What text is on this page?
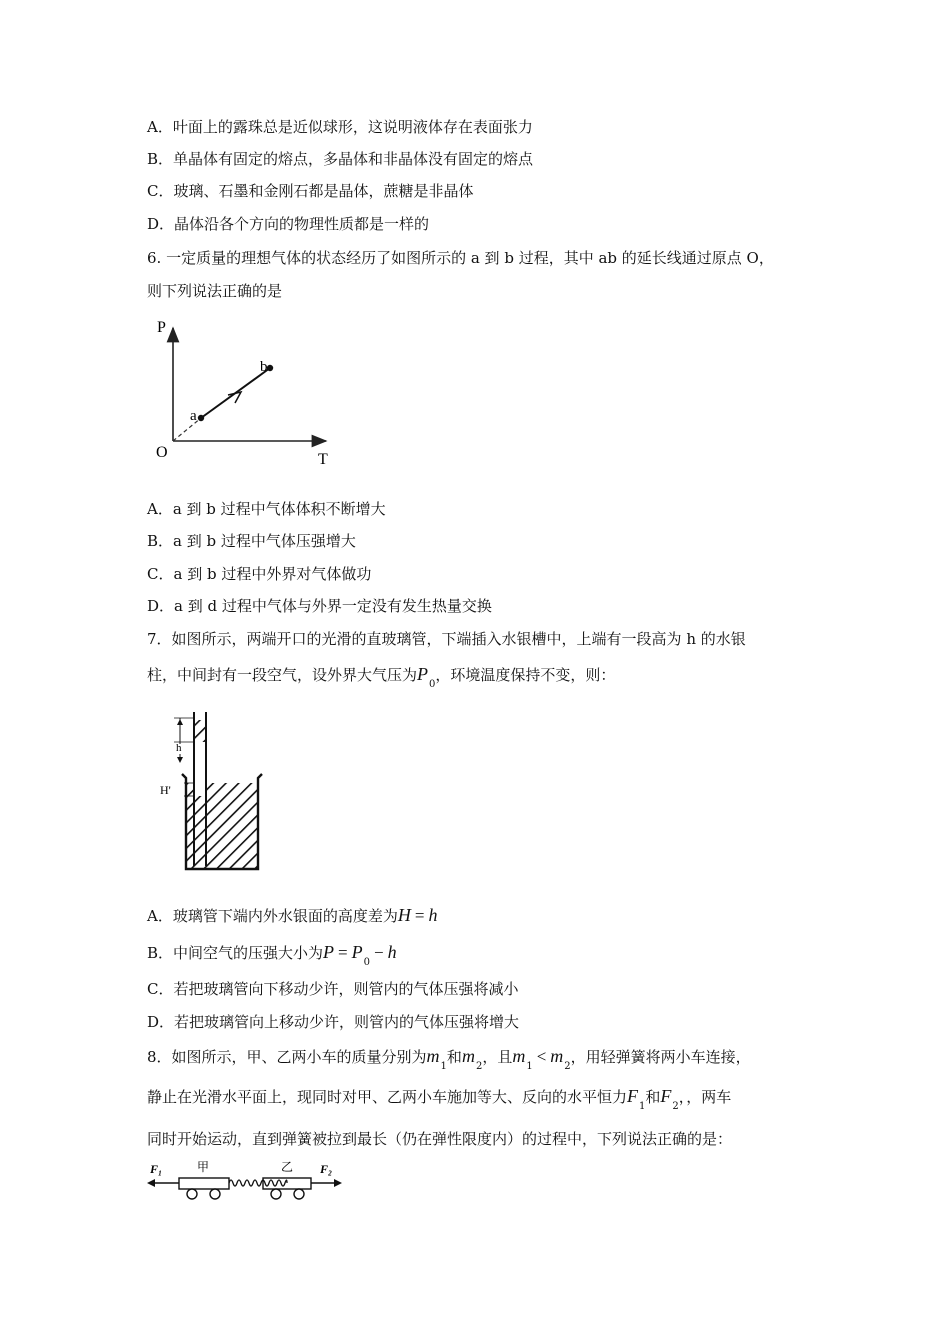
A．叶面上的露珠总是近似球形，这说明液体存在表面张力
B．单晶体有固定的熔点，多晶体和非晶体没有固定的熔点
C．玻璃、石墨和金刚石都是晶体，蔗糖是非晶体
D．晶体沿各个方向的物理性质都是一样的
6. 一定质量的理想气体的状态经历了如图所示的 a 到 b 过程，其中 ab 的延长线通过原点 O，
则下列说法正确的是
P
T
O
a
b
A．a 到 b 过程中气体体积不断增大
B．a 到 b 过程中气体压强增大
C．a 到 b 过程中外界对气体做功
D．a 到 d 过程中气体与外界一定没有发生热量交换
7．如图所示，两端开口的光滑的直玻璃管，下端插入水银槽中，上端有一段高为 h 的水银
柱，中间封有一段空气，设外界大气压为$P_0$，环境温度保持不变，则：
h
H'
A．玻璃管下端内外水银面的高度差为H = h
B．中间空气的压强大小为$P = P_0- h$
C．若把玻璃管向下移动少许，则管内的气体压强将减小
D．若把玻璃管向上移动少许，则管内的气体压强将增大
8．如图所示，甲、乙两小车的质量分别为$m_1$和$m_2$，且$m_1< m_2$，用轻弹簧将两小车连接，
静止在光滑水平面上，现同时对甲、乙两小车施加等大、反向的水平恒力$F_1$和$F_2$，，两车
同时开始运动，直到弹簧被拉到最长（仍在弹性限度内）的过程中，下列说法正确的是：
F₁	F₂
甲	乙
